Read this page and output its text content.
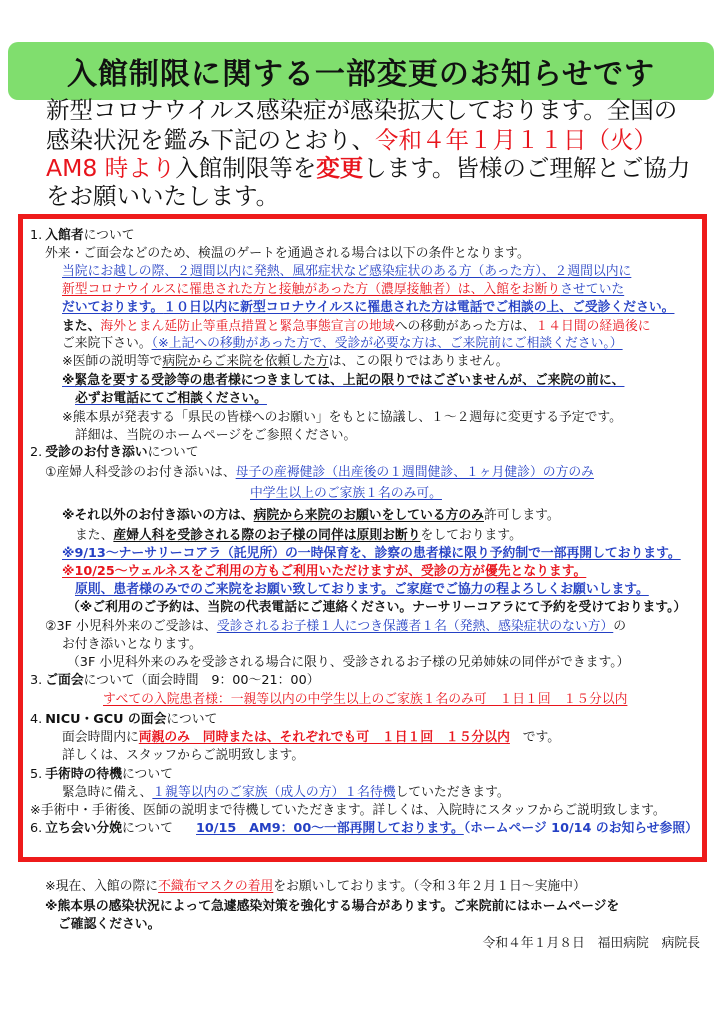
入館制限に関する一部変更のお知らせです
新型コロナウイルス感染症が感染拡大しております。全国の
感染状況を鑑み下記のとおり、令和４年１月１１日（火）
AM8 時より入館制限等を変更します。皆様のご理解とご協力
をお願いいたします。
1. 入館者について
外来・ご面会などのため、検温のゲートを通過される場合は以下の条件となります。
当院にお越しの際、２週間以内に発熱、風邪症状など感染症状のある方（あった方）、２週間以内に
新型コロナウイルスに罹患された方と接触があった方（濃厚接触者）は、入館をお断りさせていた
だいております。１０日以内に新型コロナウイルスに罹患された方は電話でご相談の上、ご受診ください。
また、海外とまん延防止等重点措置と緊急事態宣言の地域への移動があった方は、１４日間の経過後に
ご来院下さい。（※上記への移動があった方で、受診が必要な方は、ご来院前にご相談ください。）
※医師の説明等で病院からご来院を依頼した方は、この限りではありません。
※緊急を要する受診等の患者様につきましては、上記の限りではございませんが、ご来院の前に、
必ずお電話にてご相談ください。
※熊本県が発表する「県民の皆様へのお願い」をもとに協議し、１～２週毎に変更する予定です。
詳細は、当院のホームページをご参照ください。
2. 受診のお付き添いについて
①産婦人科受診のお付き添いは、母子の産褥健診（出産後の１週間健診、１ヶ月健診）の方のみ
中学生以上のご家族１名のみ可。
※それ以外のお付き添いの方は、病院から来院のお願いをしている方のみ許可します。
また、産婦人科を受診される際のお子様の同伴は原則お断りをしております。
※9/13～ナーサリーコアラ（託児所）の一時保育を、診察の患者様に限り予約制で一部再開しております。
※10/25～ウェルネスをご利用の方もご利用いただけますが、受診の方が優先となります。
原則、患者様のみでのご来院をお願い致しております。ご家庭でご協力の程よろしくお願いします。
（※ご利用のご予約は、当院の代表電話にご連絡ください。ナーサリーコアラにて予約を受けております。）
②3F 小児科外来のご受診は、受診されるお子様１人につき保護者１名（発熱、感染症状のない方）の
お付き添いとなります。
（3F 小児科外来のみを受診される場合に限り、受診されるお子様の兄弟姉妹の同伴ができます。）
3. ご面会について（面会時間　9：00～21：00）
すべての入院患者様：一親等以内の中学生以上のご家族１名のみ可　１日１回　１５分以内
4. NICU・GCU の面会について
面会時間内に両親のみ　同時または、それぞれでも可　１日１回　１５分以内　です。
詳しくは、スタッフからご説明致します。
5. 手術時の待機について
緊急時に備え、１親等以内のご家族（成人の方）１名待機していただきます。
※手術中・手術後、医師の説明まで待機していただきます。詳しくは、入院時にスタッフからご説明致します。
6. 立ち会い分娩について 10/15　AM9：00～一部再開しております。（ホームページ 10/14 のお知らせ参照）
※現在、入館の際に不織布マスクの着用をお願いしております。（令和３年２月１日～実施中）
※熊本県の感染状況によって急遽感染対策を強化する場合があります。ご来院前にはホームページを
ご確認ください。
令和４年１月８日　福田病院　病院長
